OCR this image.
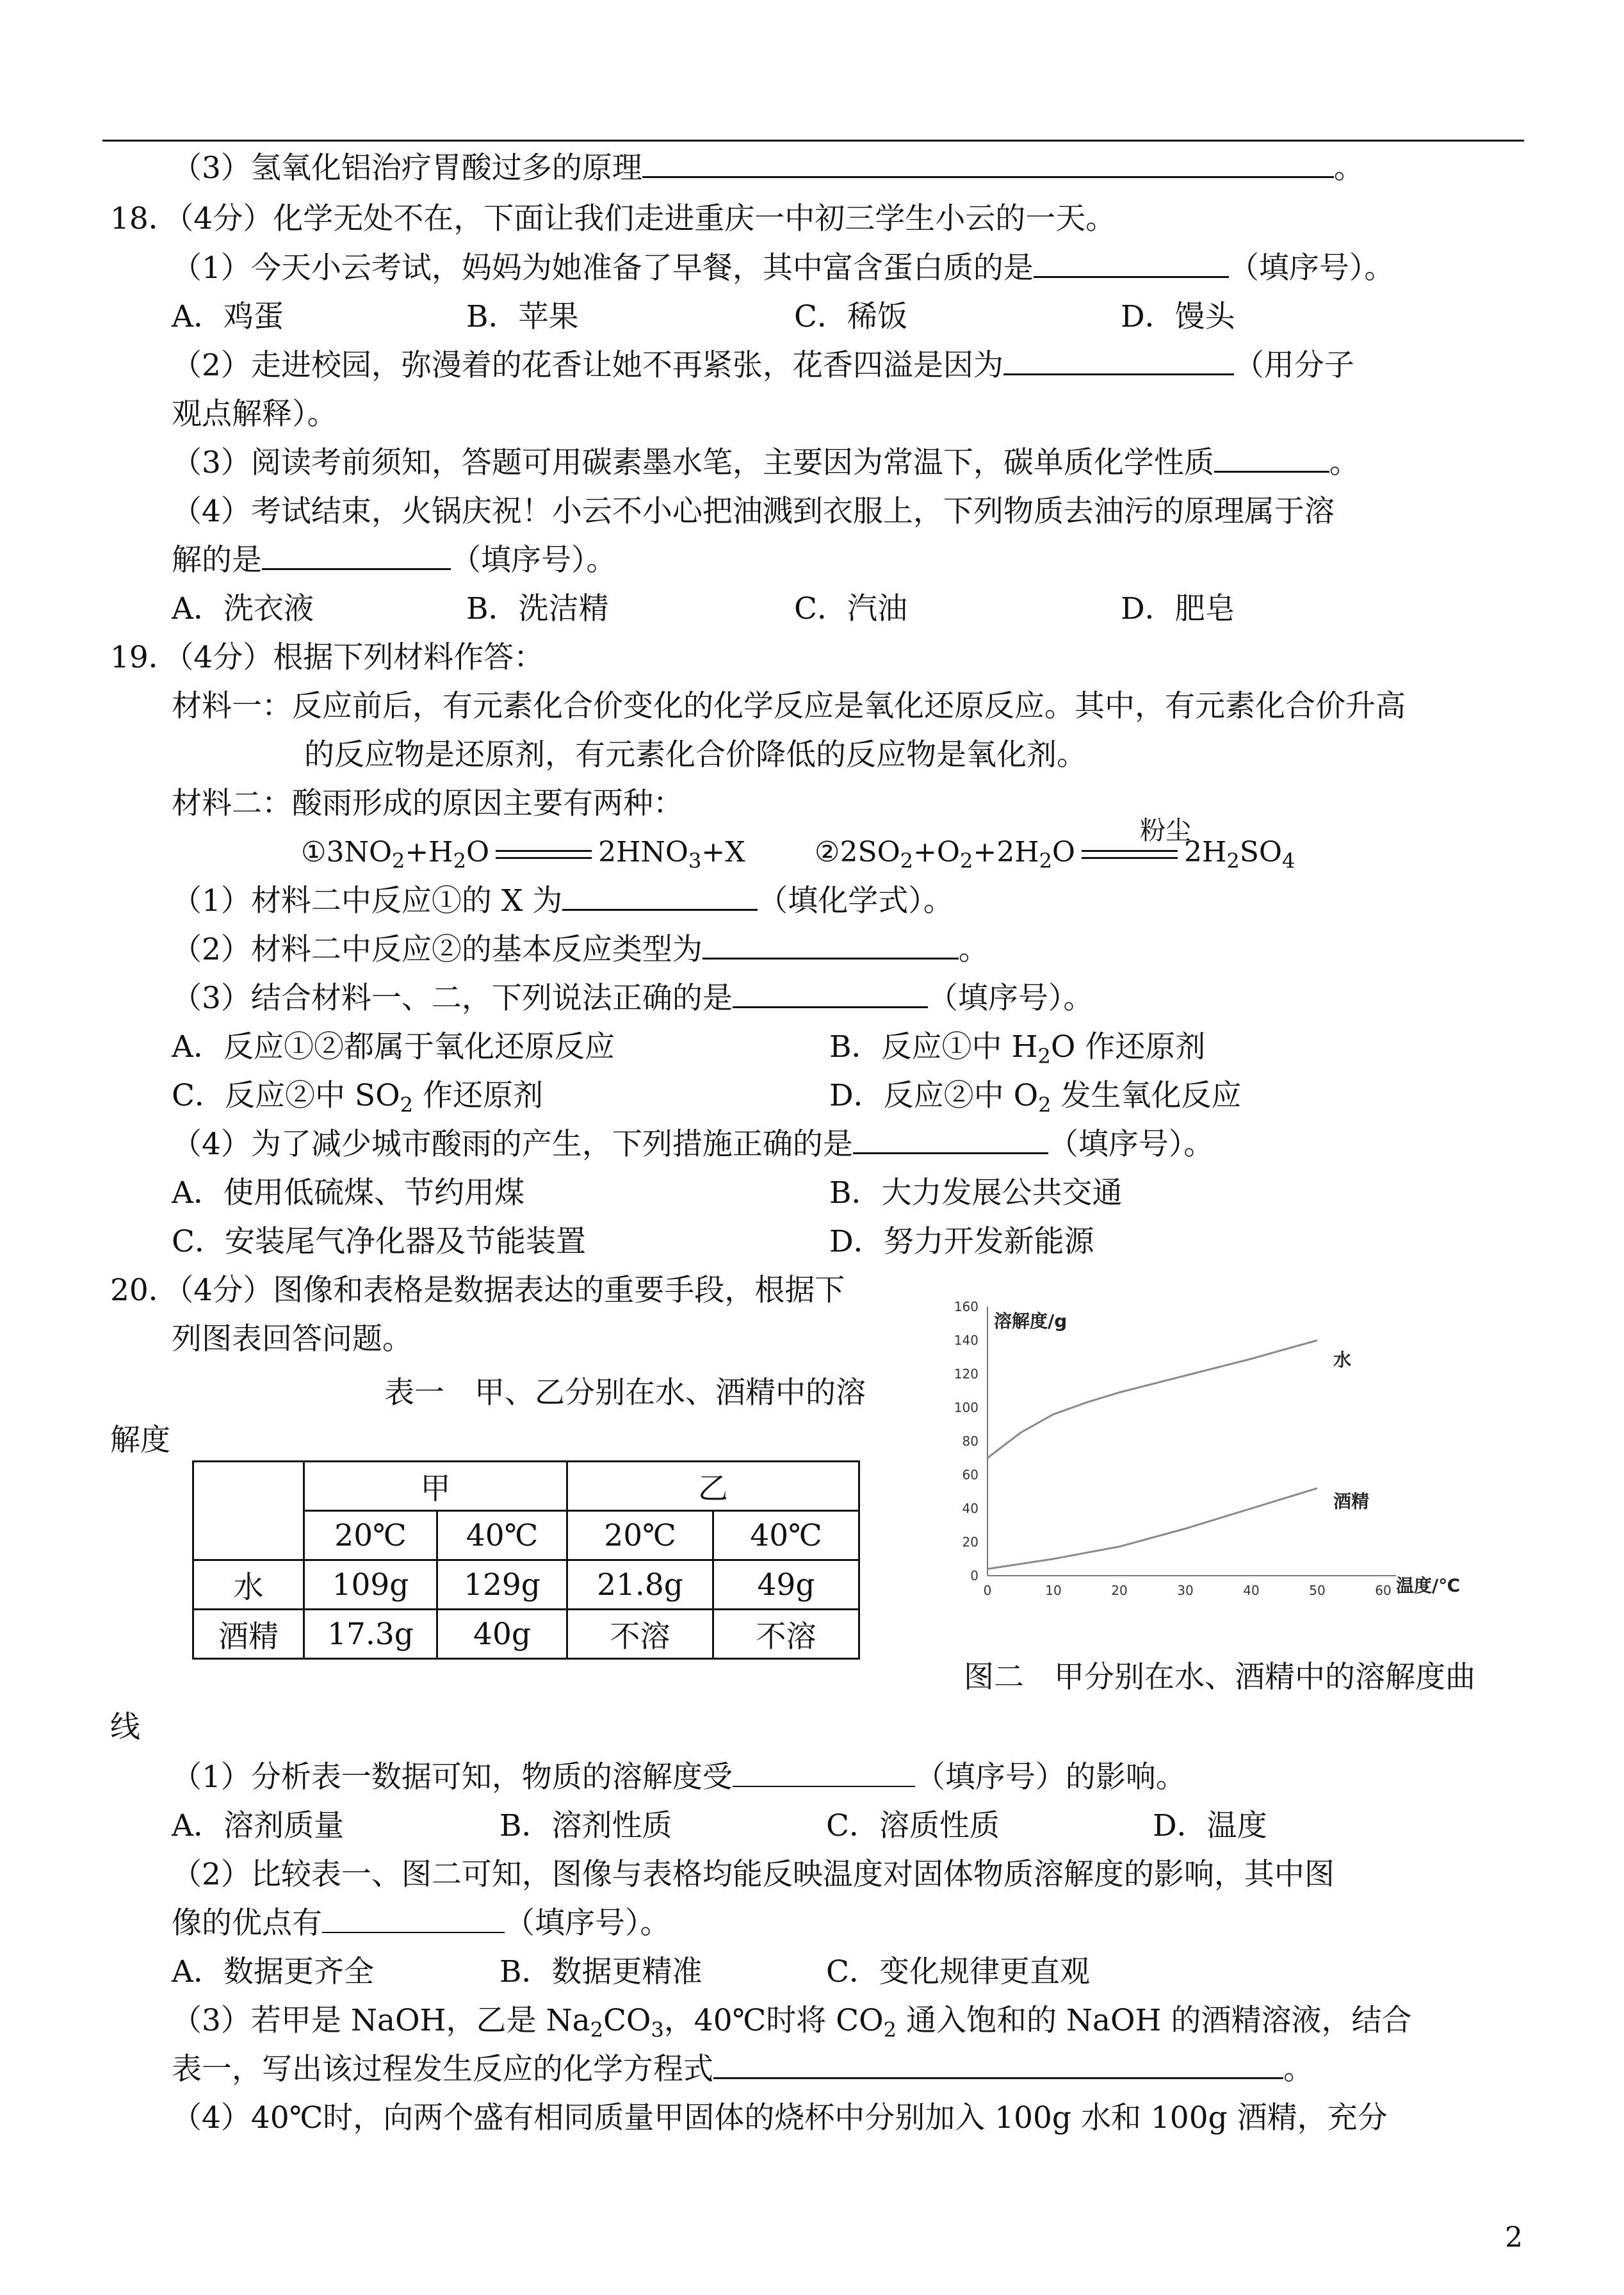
（3）氢氧化铝治疗胃酸过多的原理	。
18．（4分）化学无处不在，下面让我们走进重庆一中初三学生小云的一天。
（1）今天小云考试，妈妈为她准备了早餐，其中富含蛋白质的是	（填序号）。
A．鸡蛋	B．苹果	C．稀饭	D．馒头
（2）走进校园，弥漫着的花香让她不再紧张，花香四溢是因为	（用分子
观点解释）。
（3）阅读考前须知，答题可用碳素墨水笔，主要因为常温下，碳单质化学性质	。
（4）考试结束，火锅庆祝！小云不小心把油溅到衣服上，下列物质去油污的原理属于溶
解的是	（填序号）。
A．洗衣液	B．洗洁精	C．汽油	D．肥皂
19．（4分）根据下列材料作答：
材料一：反应前后，有元素化合价变化的化学反应是氧化还原反应。其中，有元素化合价升高
的反应物是还原剂，有元素化合价降低的反应物是氧化剂。
材料二：酸雨形成的原因主要有两种：
粉尘
$①3NO_2+H_2O$	$2HNO_3+X$ $②2SO_2+O_2+2H_2O$	$2H_2SO_4$
（1）材料二中反应①的 X 为	（填化学式）。
（2）材料二中反应②的基本反应类型为	。
（3）结合材料一、二，下列说法正确的是	（填序号）。
A．反应①②都属于氧化还原反应	B．反应①中 $H_2O$ 作还原剂
C．反应②中 $SO_2$ 作还原剂	D．反应②中 $O_2$ 发生氧化反应
（4）为了减少城市酸雨的产生，下列措施正确的是	（填序号）。
A．使用低硫煤、节约用煤	B．大力发展公共交通
C．安装尾气净化器及节能装置	D．努力开发新能源
20．（4分）图像和表格是数据表达的重要手段，根据下
列图表回答问题。
表一　甲、乙分别在水、酒精中的溶
解度
	甲		乙	
	20℃	40℃	20℃	40℃
水	109g	129g	21.8g	49g
酒精	17.3g	40g	不溶	不溶
0
20
40
60
80
100
120
140
160
0	10	20	30	40	50	60
溶解度/g
温度/℃
水
酒精
图二　甲分别在水、酒精中的溶解度曲
线
（1）分析表一数据可知，物质的溶解度受	（填序号）的影响。
A．溶剂质量	B．溶剂性质	C．溶质性质	D．温度
（2）比较表一、图二可知，图像与表格均能反映温度对固体物质溶解度的影响，其中图
像的优点有	（填序号）。
A．数据更齐全	B．数据更精准	C．变化规律更直观
（3）若甲是 NaOH，乙是 $Na_2CO_3$，40℃时将 $CO_2$ 通入饱和的 NaOH 的酒精溶液，结合
表一，写出该过程发生反应的化学方程式	。
（4）40℃时，向两个盛有相同质量甲固体的烧杯中分别加入 100g 水和 100g 酒精，充分
2
